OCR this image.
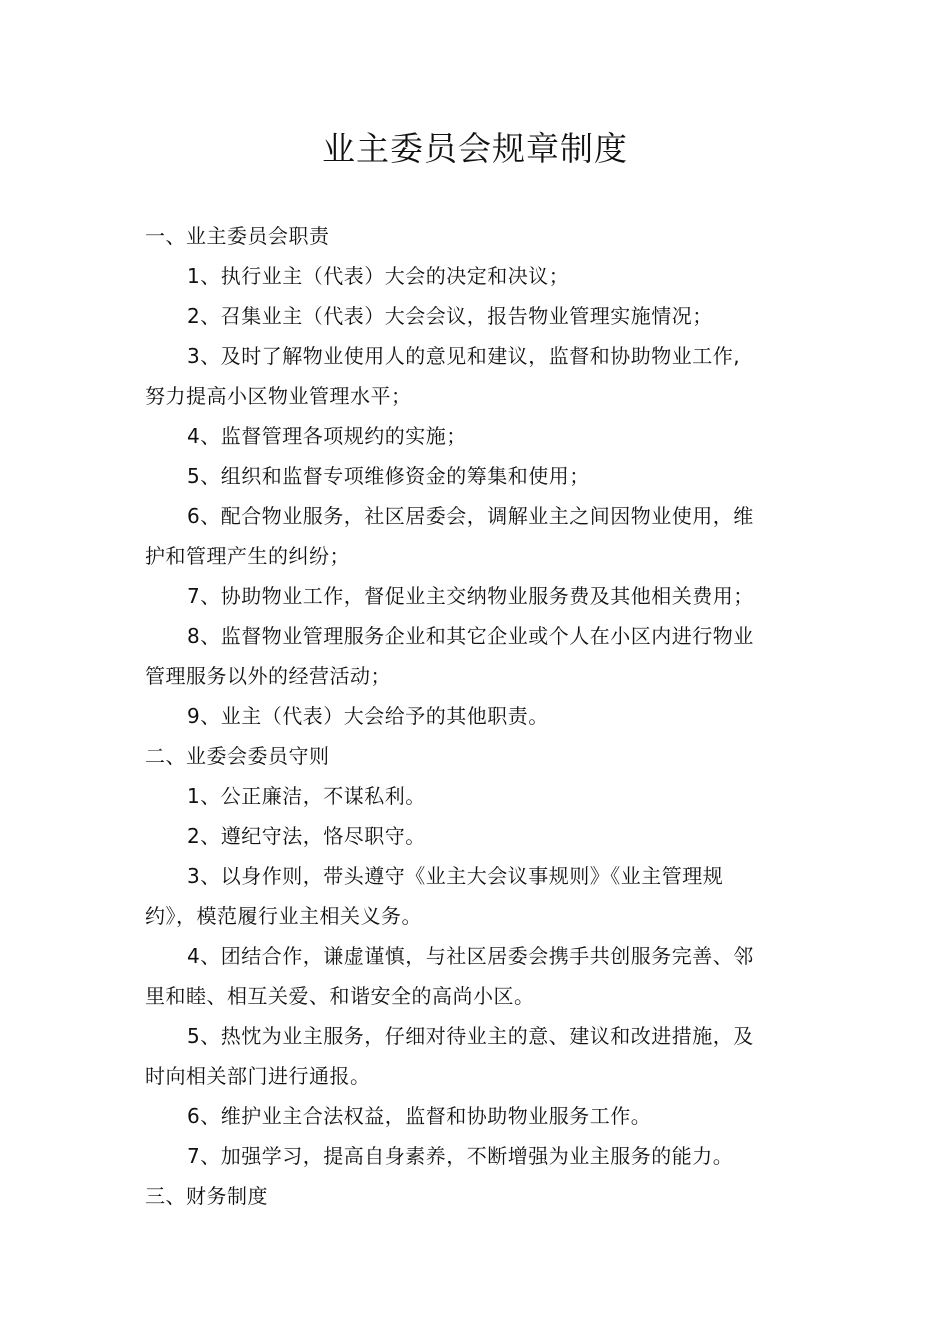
业主委员会规章制度
一、业主委员会职责
1、执行业主（代表）大会的决定和决议；
2、召集业主（代表）大会会议，报告物业管理实施情况；
3、及时了解物业使用人的意见和建议，监督和协助物业工作,
努力提高小区物业管理水平；
4、监督管理各项规约的实施；
5、组织和监督专项维修资金的筹集和使用；
6、配合物业服务，社区居委会，调解业主之间因物业使用，维
护和管理产生的纠纷；
7、协助物业工作，督促业主交纳物业服务费及其他相关费用；
8、监督物业管理服务企业和其它企业或个人在小区内进行物业
管理服务以外的经营活动；
9、业主（代表）大会给予的其他职责。
二、业委会委员守则
1、公正廉洁，不谋私利。
2、遵纪守法，恪尽职守。
3、以身作则，带头遵守《业主大会议事规则》《业主管理规
约》，模范履行业主相关义务。
4、团结合作，谦虚谨慎，与社区居委会携手共创服务完善、邻
里和睦、相互关爱、和谐安全的高尚小区。
5、热忱为业主服务，仔细对待业主的意、建议和改进措施，及
时向相关部门进行通报。
6、维护业主合法权益，监督和协助物业服务工作。
7、加强学习，提高自身素养，不断增强为业主服务的能力。
三、财务制度
